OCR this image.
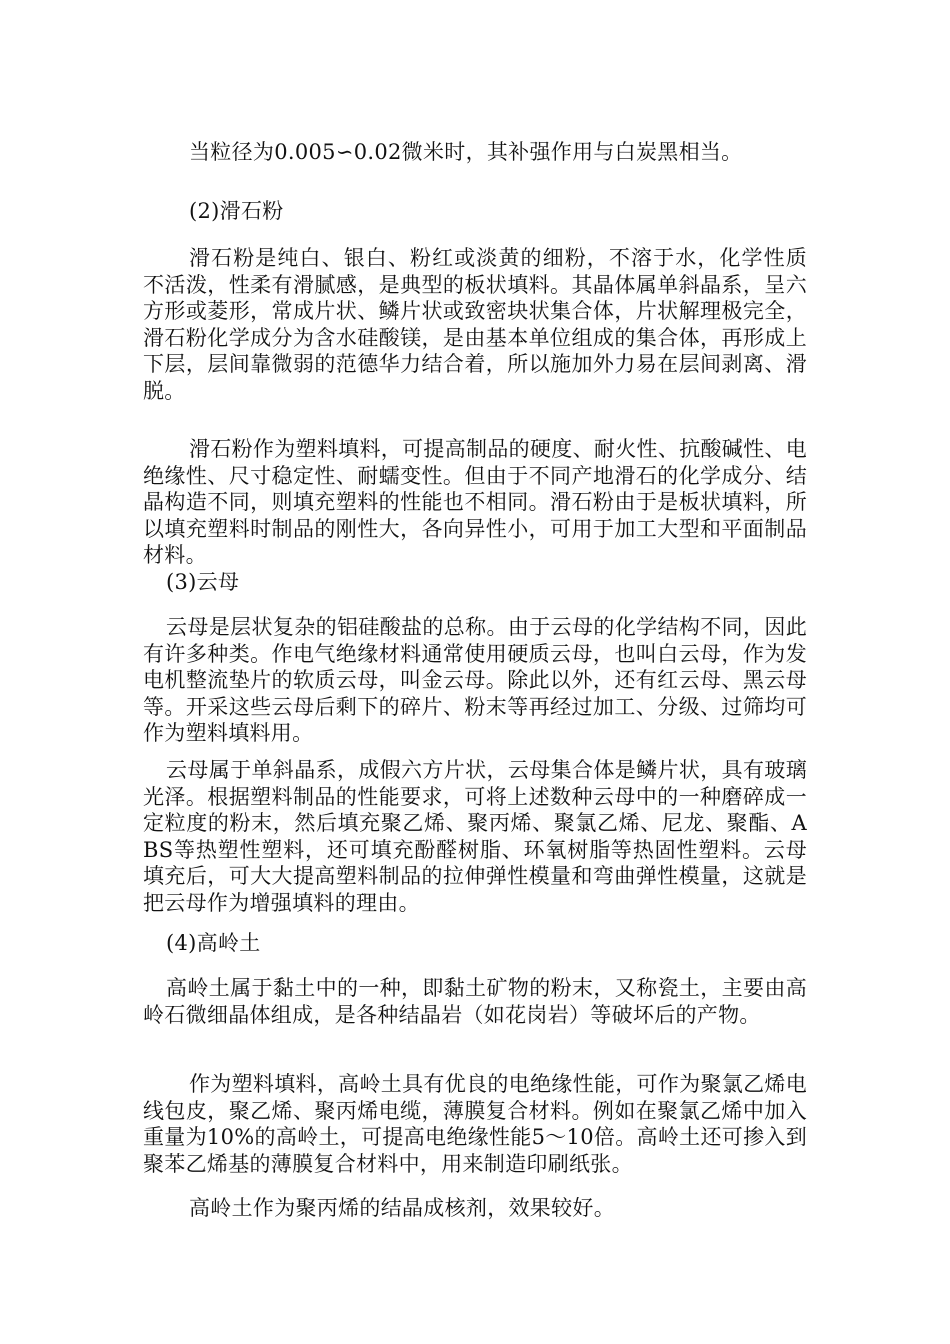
当粒径为0.005∽0.02微米时，其补强作用与白炭黑相当。

(2)滑石粉

滑石粉是纯白、银白、粉红或淡黄的细粉，不溶于水，化学性质　不活泼，性柔有滑腻感，是典型的板状填料。其晶体属单斜晶系，呈六方形或菱形，常成片状、鳞片状或致密块状集合体，片状解理极完全，滑石粉化学成分为含水硅酸镁，是由基本单位组成的集合体，再形成上下层，层间靠微弱的范德华力结合着，所以施加外力易在层间剥离、滑脱。

滑石粉作为塑料填料，可提高制品的硬度、耐火性、抗酸碱性、电绝缘性、尺寸稳定性、耐蠕变性。但由于不同产地滑石的化学成分、结晶构造不同，则填充塑料的性能也不相同。滑石粉由于是板状填料，所以填充塑料时制品的刚性大，各向异性小，可用于加工大型和平面制品材料。

(3)云母

云母是层状复杂的铝硅酸盐的总称。由于云母的化学结构不同，因此有许多种类。作电气绝缘材料通常使用硬质云母，也叫白云母，作为发电机整流垫片的软质云母，叫金云母。除此以外，还有红云母、黑云母等。开采这些云母后剩下的碎片、粉末等再经过加工、分级、过筛均可作为塑料填料用。

云母属于单斜晶系，成假六方片状，云母集合体是鳞片状，具有玻璃光泽。根据塑料制品的性能要求，可将上述数种云母中的一种磨碎成一定粒度的粉末，然后填充聚乙烯、聚丙烯、聚氯乙烯、尼龙、聚酯、ABS等热塑性塑料，还可填充酚醛树脂、环氧树脂等热固性塑料。云母填充后，可大大提高塑料制品的拉伸弹性模量和弯曲弹性模量，这就是把云母作为增强填料的理由。

(4)高岭土

高岭土属于黏土中的一种，即黏土矿物的粉末，又称瓷土，主要由高岭石微细晶体组成，是各种结晶岩（如花岗岩）等破坏后的产物。

作为塑料填料，高岭土具有优良的电绝缘性能，可作为聚氯乙烯电线包皮，聚乙烯、聚丙烯电缆，薄膜复合材料。例如在聚氯乙烯中加入重量为10%的高岭土，可提高电绝缘性能5～10倍。高岭土还可掺入到聚苯乙烯基的薄膜复合材料中，用来制造印刷纸张。

高岭土作为聚丙烯的结晶成核剂，效果较好。
